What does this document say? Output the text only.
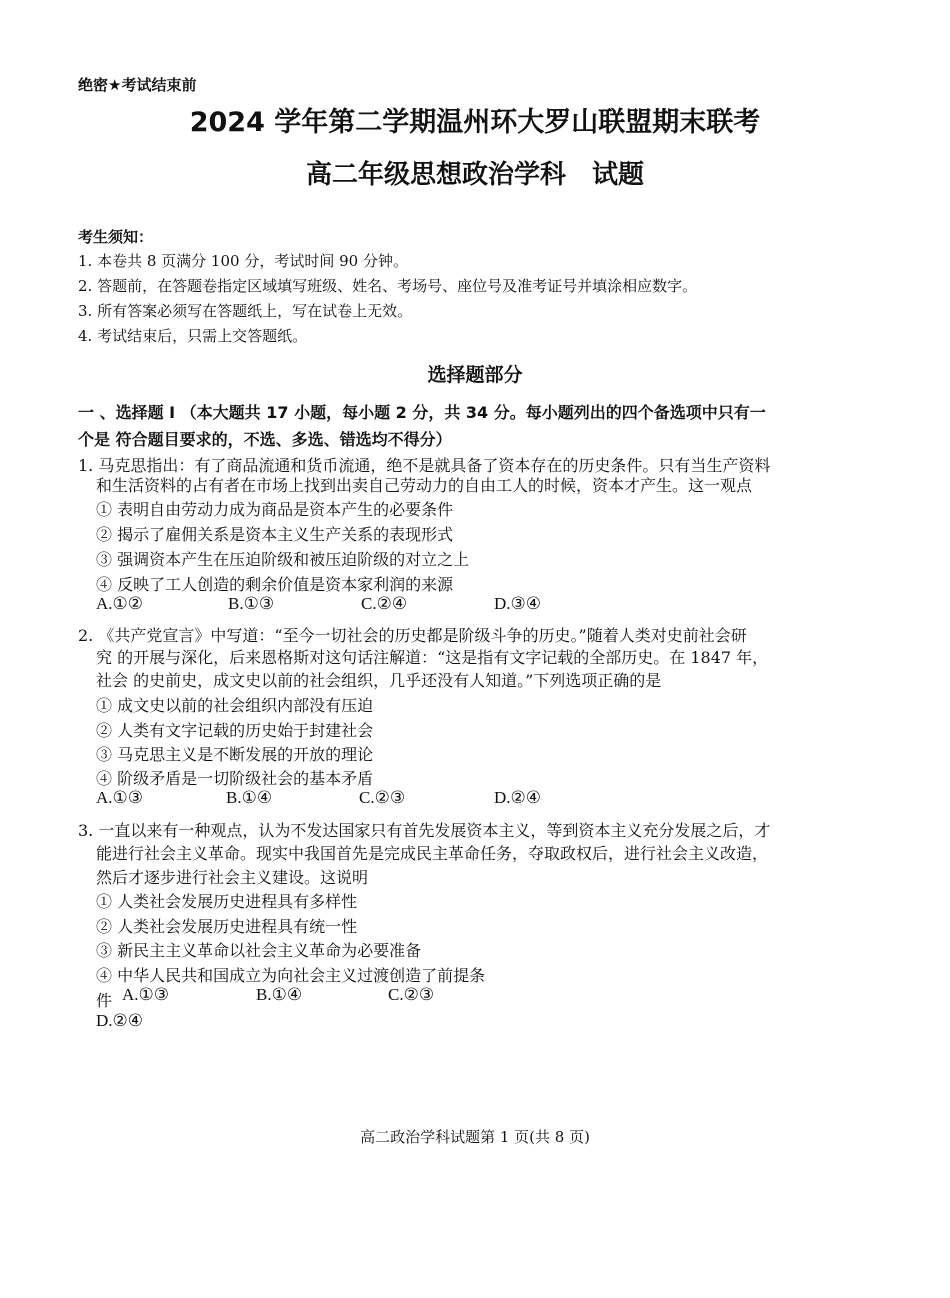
绝密★考试结束前
2024 学年第二学期温州环大罗山联盟期末联考
高二年级思想政治学科　试题
考生须知：
1. 本卷共 8 页满分 100 分，考试时间 90 分钟。
2. 答题前，在答题卷指定区域填写班级、姓名、考场号、座位号及准考证号并填涂相应数字。
3. 所有答案必须写在答题纸上，写在试卷上无效。
4. 考试结束后，只需上交答题纸。
选择题部分
一 、选择题 I （本大题共 17 小题，每小题 2 分，共 34 分。每小题列出的四个备选项中只有一
个是 符合题目要求的，不选、多选、错选均不得分）
1. 马克思指出：有了商品流通和货币流通，绝不是就具备了资本存在的历史条件。只有当生产资料
和生活资料的占有者在市场上找到出卖自己劳动力的自由工人的时候，资本才产生。这一观点
① 表明自由劳动力成为商品是资本产生的必要条件
② 揭示了雇佣关系是资本主义生产关系的表现形式
③ 强调资本产生在压迫阶级和被压迫阶级的对立之上
④ 反映了工人创造的剩余价值是资本家利润的来源
A.①②	B.①③	C.②④	D.③④
2. 《共产党宣言》中写道：“至今一切社会的历史都是阶级斗争的历史。”随着人类对史前社会研
究 的开展与深化，后来恩格斯对这句话注解道：“这是指有文字记载的全部历史。在 1847 年，
社会 的史前史，成文史以前的社会组织，几乎还没有人知道。”下列选项正确的是
① 成文史以前的社会组织内部没有压迫
② 人类有文字记载的历史始于封建社会
③ 马克思主义是不断发展的开放的理论
④ 阶级矛盾是一切阶级社会的基本矛盾
A.①③	B.①④	C.②③	D.②④
3. 一直以来有一种观点，认为不发达国家只有首先发展资本主义，等到资本主义充分发展之后，才
能进行社会主义革命。现实中我国首先是完成民主革命任务，夺取政权后，进行社会主义改造，
然后才逐步进行社会主义建设。这说明
① 人类社会发展历史进程具有多样性
② 人类社会发展历史进程具有统一性
③ 新民主主义革命以社会主义革命为必要准备
④ 中华人民共和国成立为向社会主义过渡创造了前提条
件 A.①③	B.①④	C.②③
D.②④
高二政治学科试题第 1 页(共 8 页)
